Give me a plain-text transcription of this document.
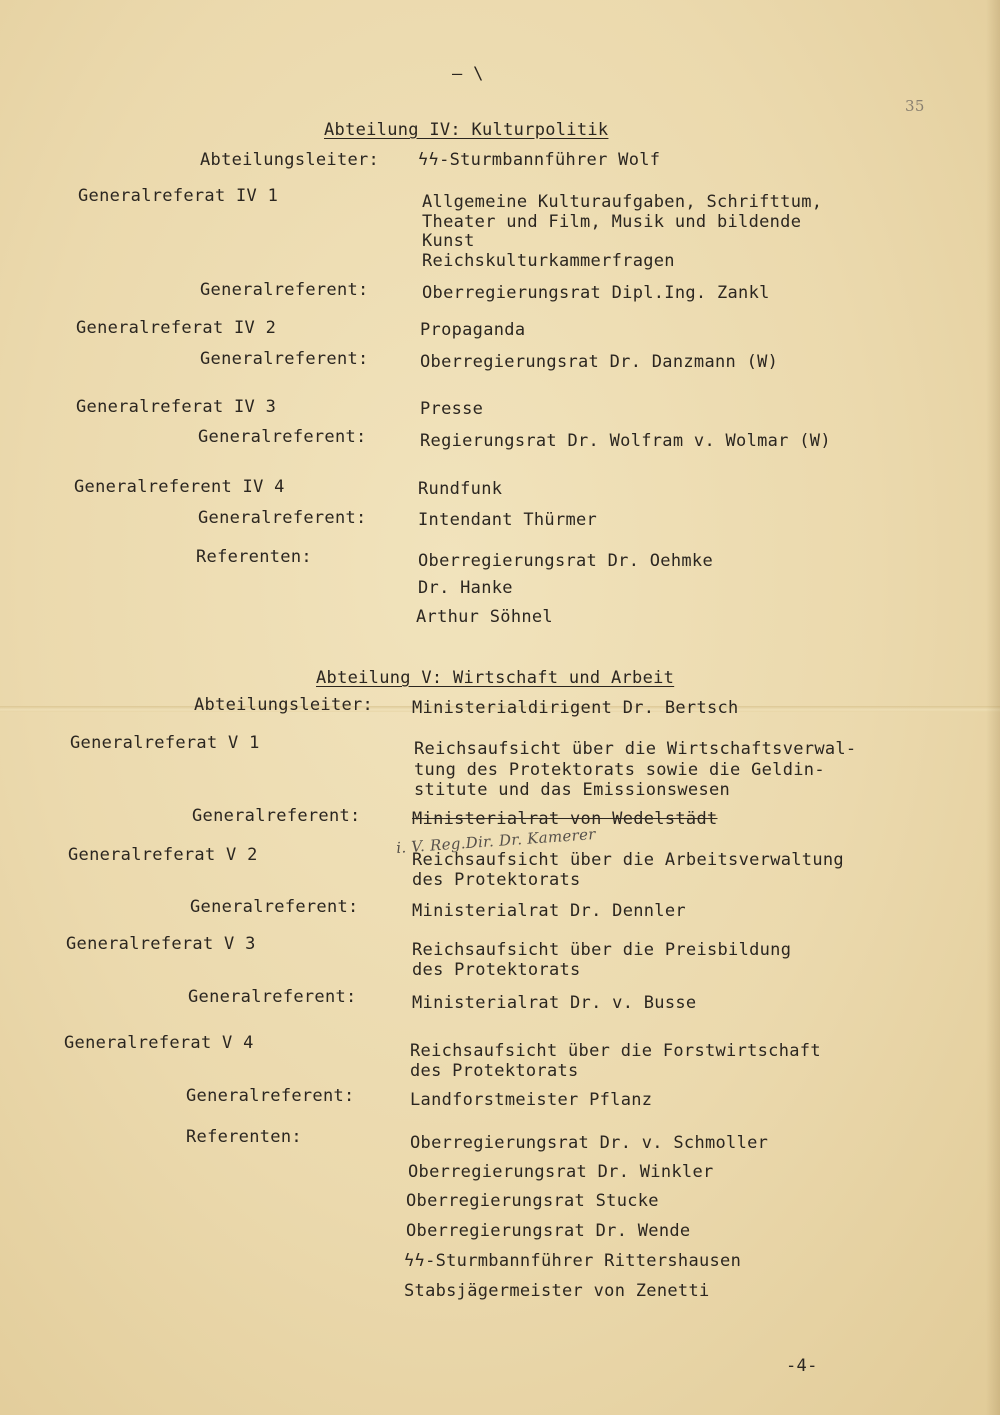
– \
35
Abteilung IV: Kulturpolitik
Abteilungsleiter: ϟϟ-Sturmbannführer Wolf
Generalreferat IV 1	Allgemeine Kulturaufgaben, Schrifttum,
Theater und Film, Musik und bildende
Kunst
Reichskulturkammerfragen
Generalreferent:	Oberregierungsrat Dipl.Ing. Zankl
Generalreferat IV 2	Propaganda
Generalreferent:	Oberregierungsrat Dr. Danzmann (W)
Generalreferat IV 3	Presse
Generalreferent:	Regierungsrat Dr. Wolfram v. Wolmar (W)
Generalreferent IV 4	Rundfunk
Generalreferent:	Intendant Thürmer
Referenten:	Oberregierungsrat Dr. Oehmke
Dr. Hanke
Arthur Söhnel
Abteilung V: Wirtschaft und Arbeit
Abteilungsleiter: Ministerialdirigent Dr. Bertsch
Generalreferat V 1	Reichsaufsicht über die Wirtschaftsverwal-
tung des Protektorats sowie die Geldin-
stitute und das Emissionswesen
Generalreferent:	Ministerialrat von Wedelstädt
i. V. Reg.Dir. Dr. Kamerer
Generalreferat V 2	Reichsaufsicht über die Arbeitsverwaltung
des Protektorats
Generalreferent:	Ministerialrat Dr. Dennler
Generalreferat V 3	Reichsaufsicht über die Preisbildung
des Protektorats
Generalreferent:	Ministerialrat Dr. v. Busse
Generalreferat V 4	Reichsaufsicht über die Forstwirtschaft
des Protektorats
Generalreferent:	Landforstmeister Pflanz
Referenten:	Oberregierungsrat Dr. v. Schmoller
Oberregierungsrat Dr. Winkler
Oberregierungsrat Stucke
Oberregierungsrat Dr. Wende
ϟϟ-Sturmbannführer Rittershausen
Stabsjägermeister von Zenetti
-4-
